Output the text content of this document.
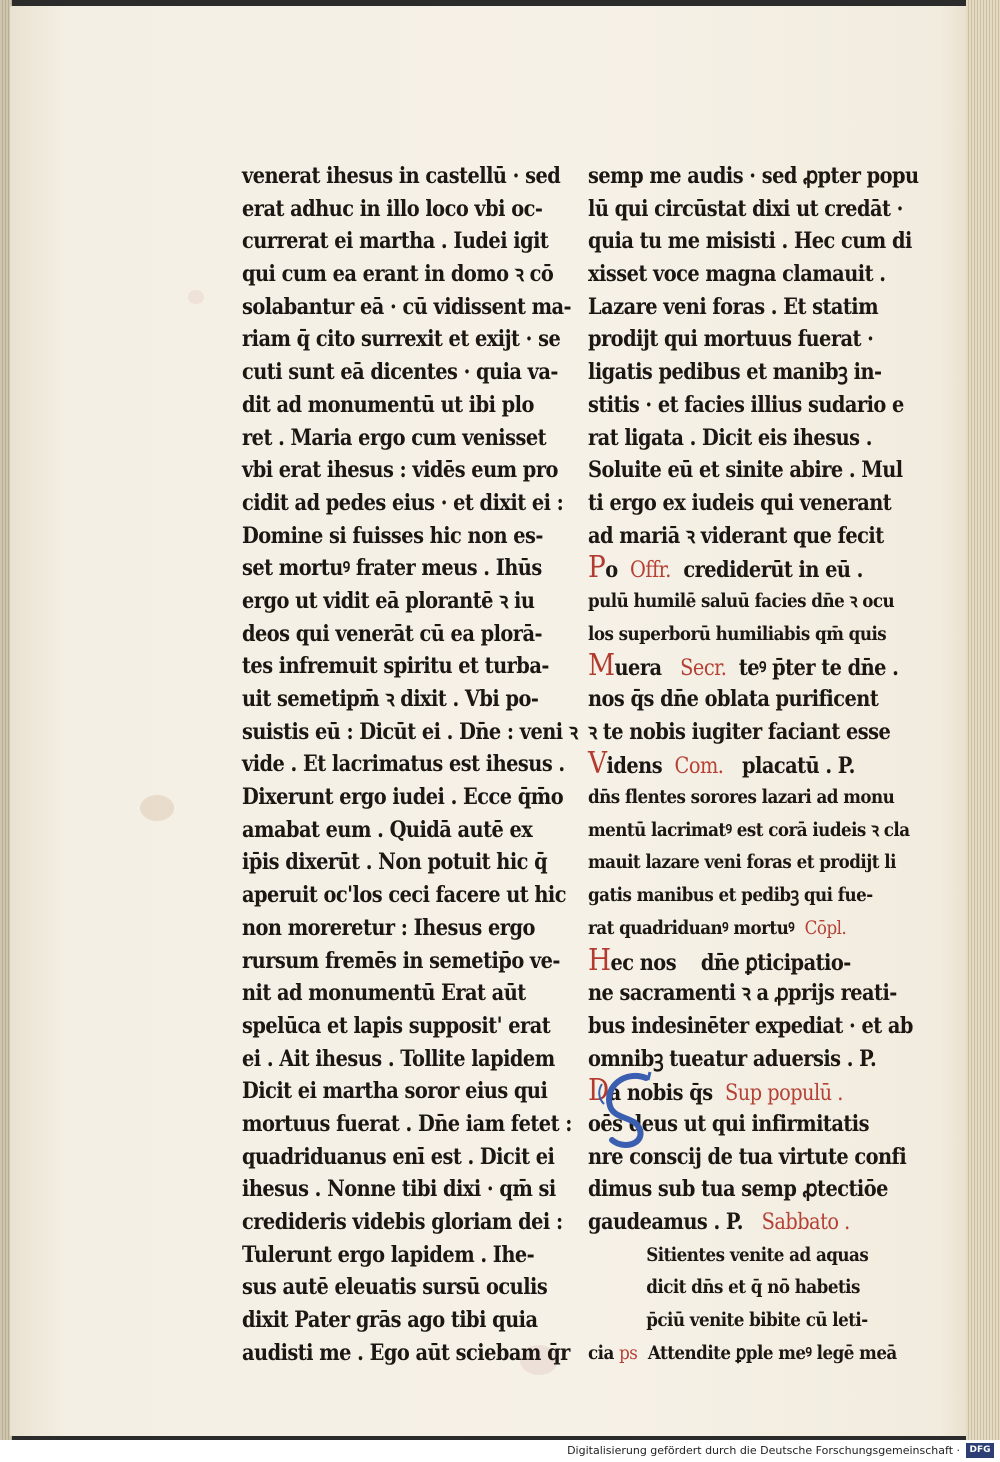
venerat ihesus in castellū · sed
erat adhuc in illo loco vbi oc-
currerat ei martha . Iudei igit
qui cum ea erant in domo ꝛ cō
solabantur eā · cū vidissent ma-
riam q̄ cito surrexit et exijt · se
cuti sunt eā dicentes · quia va-
dit ad monumentū ut ibi plo
ret . Maria ergo cum venisset
vbi erat ihesus : vidēs eum pro
cidit ad pedes eius · et dixit ei :
Domine si fuisses hic non es-
set mortuꝰ frater meus . Ihūs
ergo ut vidit eā plorantē ꝛ iu
deos qui venerāt cū ea plorā-
tes infremuit spiritu et turba-
uit semetipm̄ ꝛ dixit . Vbi po-
suistis eū : Dicūt ei . Dn̄e : veni ꝛ
vide . Et lacrimatus est ihesus .
Dixerunt ergo iudei . Ecce q̄m̄o
amabat eum . Quidā autē ex
ip̄is dixerūt . Non potuit hic q̄
aperuit oc'los ceci facere ut hic
non moreretur : Ihesus ergo
rursum fremēs in semetip̄o ve-
nit ad monumentū Erat aūt
spelūca et lapis supposit' erat
ei . Ait ihesus . Tollite lapidem
Dicit ei martha soror eius qui
mortuus fuerat . Dn̄e iam fetet :
quadriduanus enī est . Dicit ei
ihesus . Nonne tibi dixi · qm̄ si
credideris videbis gloriam dei :
Tulerunt ergo lapidem . Ihe-
sus autē eleuatis sursū oculis
dixit Pater grās ago tibi quia
audisti me . Ego aūt sciebam q̄r
semp me audis · sed ꝓpter popu
lū qui circūstat dixi ut credāt ·
quia tu me misisti . Hec cum di
xisset voce magna clamauit .
Lazare veni foras . Et statim
prodijt qui mortuus fuerat ·
ligatis pedibus et manibꝫ in-
stitis · et facies illius sudario e
rat ligata . Dicit eis ihesus .
Soluite eū et sinite abire . Mul
ti ergo ex iudeis qui venerant
ad mariā ꝛ viderant que fecit
Po  Offr.  crediderūt in eū .
pulū humilē saluū facies dn̄e ꝛ ocu
los superborū humiliabis qm̄ quis
Muera   Secr.  teꝰ p̄ter te dn̄e .
nos q̄s dn̄e oblata purificent
ꝛ te nobis iugiter faciant esse
Videns  Com.   placatū . P.
dn̄s flentes sorores lazari ad monu
mentū lacrimatꝰ est corā iudeis ꝛ cla
mauit lazare veni foras et prodijt li
gatis manibus et pedibꝫ qui fue-
rat quadriduanꝰ mortuꝰ  Cōpl.
Hec nos    dn̄e ꝑticipatio-
ne sacramenti ꝛ a ꝓprijs reati-
bus indesinēter expediat · et ab
omnibꝫ tueatur aduersis . P.
Da nobis q̄s  Sup populū .
oēs deus ut qui infirmitatis
nre conscij de tua virtute confi
dimus sub tua semp ꝓtectiōe
gaudeamus . P.   Sabbato .
Sitientes venite ad aquas
dicit dn̄s et q̄ nō habetis
p̄ciū venite bibite cū leti-
cia ps  Attendite ꝑple meꝰ legē meā
Digitalisierung gefördert durch die Deutsche Forschungsgemeinschaft ·	DFG
